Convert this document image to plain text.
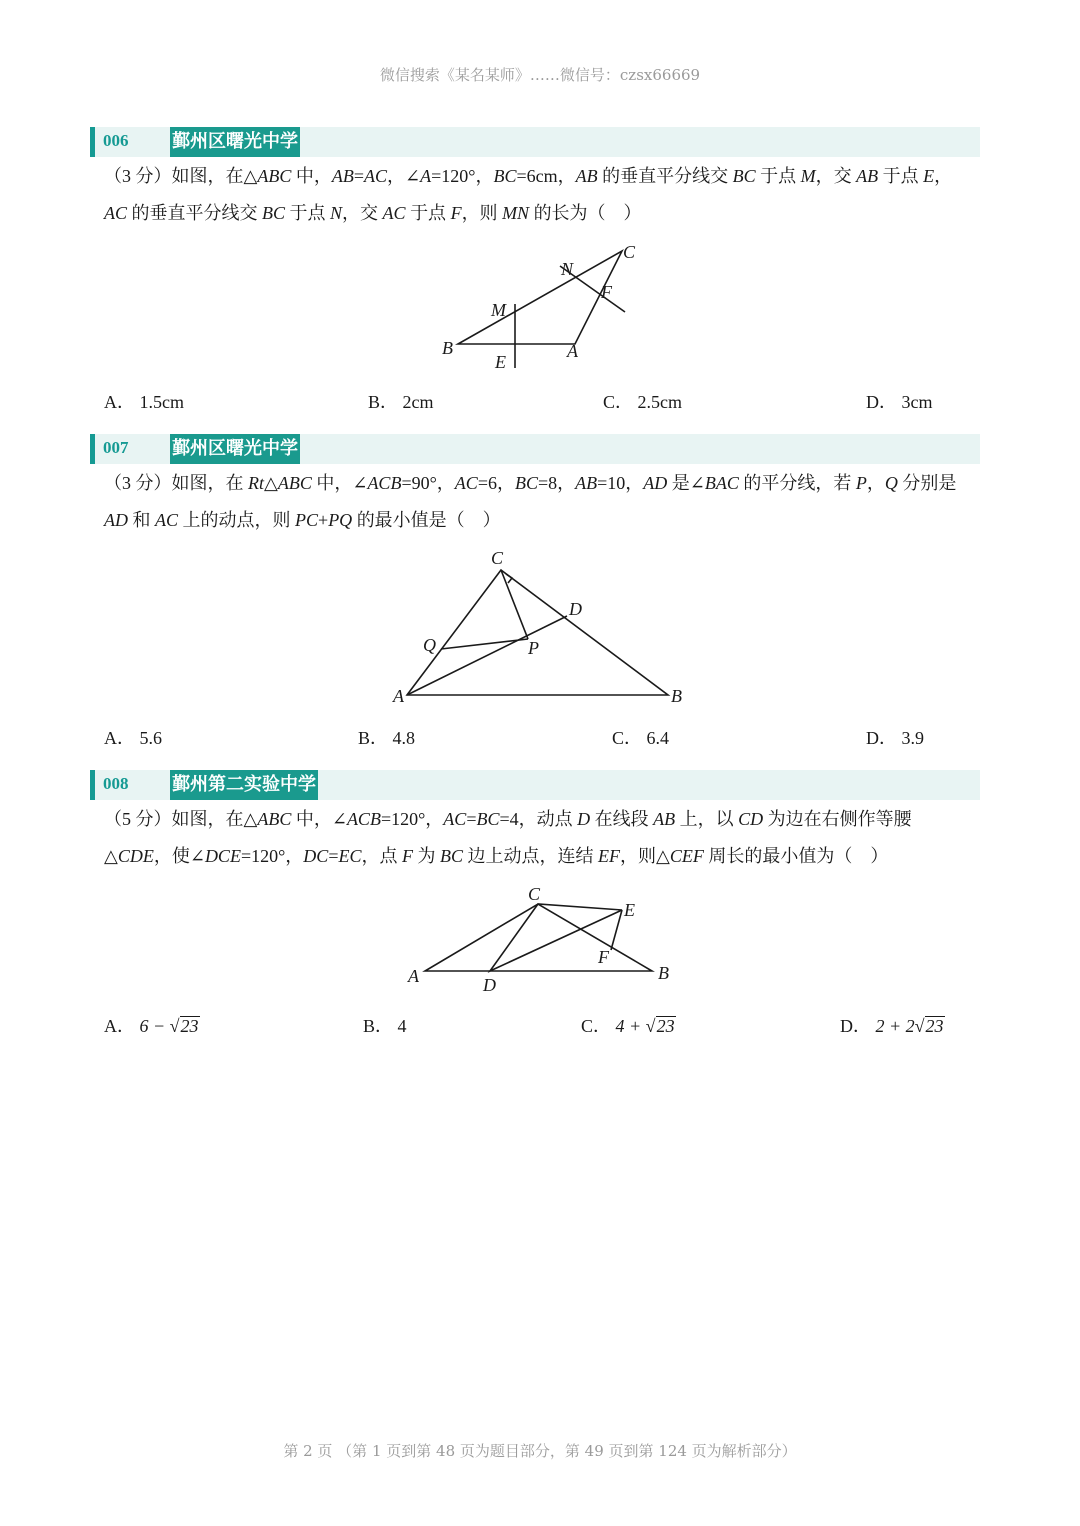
微信搜索《某名某师》……微信号：czsx66669
006 鄞州区曙光中学
（3 分）如图，在△ABC 中，AB=AC，∠A=120°，BC=6cm，AB 的垂直平分线交 BC 于点 M，交 AB 于点 E，AC 的垂直平分线交 BC 于点 N，交 AC 于点 F，则 MN 的长为（　）
B	A
C
E
F
M
N
A． 1.5cm	B． 2cm	C． 2.5cm	D． 3cm
007 鄞州区曙光中学
（3 分）如图，在 Rt△ABC 中，∠ACB=90°，AC=6，BC=8，AB=10，AD 是∠BAC 的平分线，若 P，Q 分别是 AD 和 AC 上的动点，则 PC+PQ 的最小值是（　）
C
A	B
D
P
Q
A． 5.6	B． 4.8	C． 6.4	D． 3.9
008 鄞州第二实验中学
（5 分）如图，在△ABC 中，∠ACB=120°，AC=BC=4，动点 D 在线段 AB 上，以 CD 为边在右侧作等腰△CDE，使∠DCE=120°，DC=EC，点 F 为 BC 边上动点，连结 EF，则△CEF 周长的最小值为（　）
C
A	B
D
E
F
A． 6 − √23	B． 4	C． 4 + √23	D． 2 + 2√23
第 2 页 （第 1 页到第 48 页为题目部分，第 49 页到第 124 页为解析部分）
